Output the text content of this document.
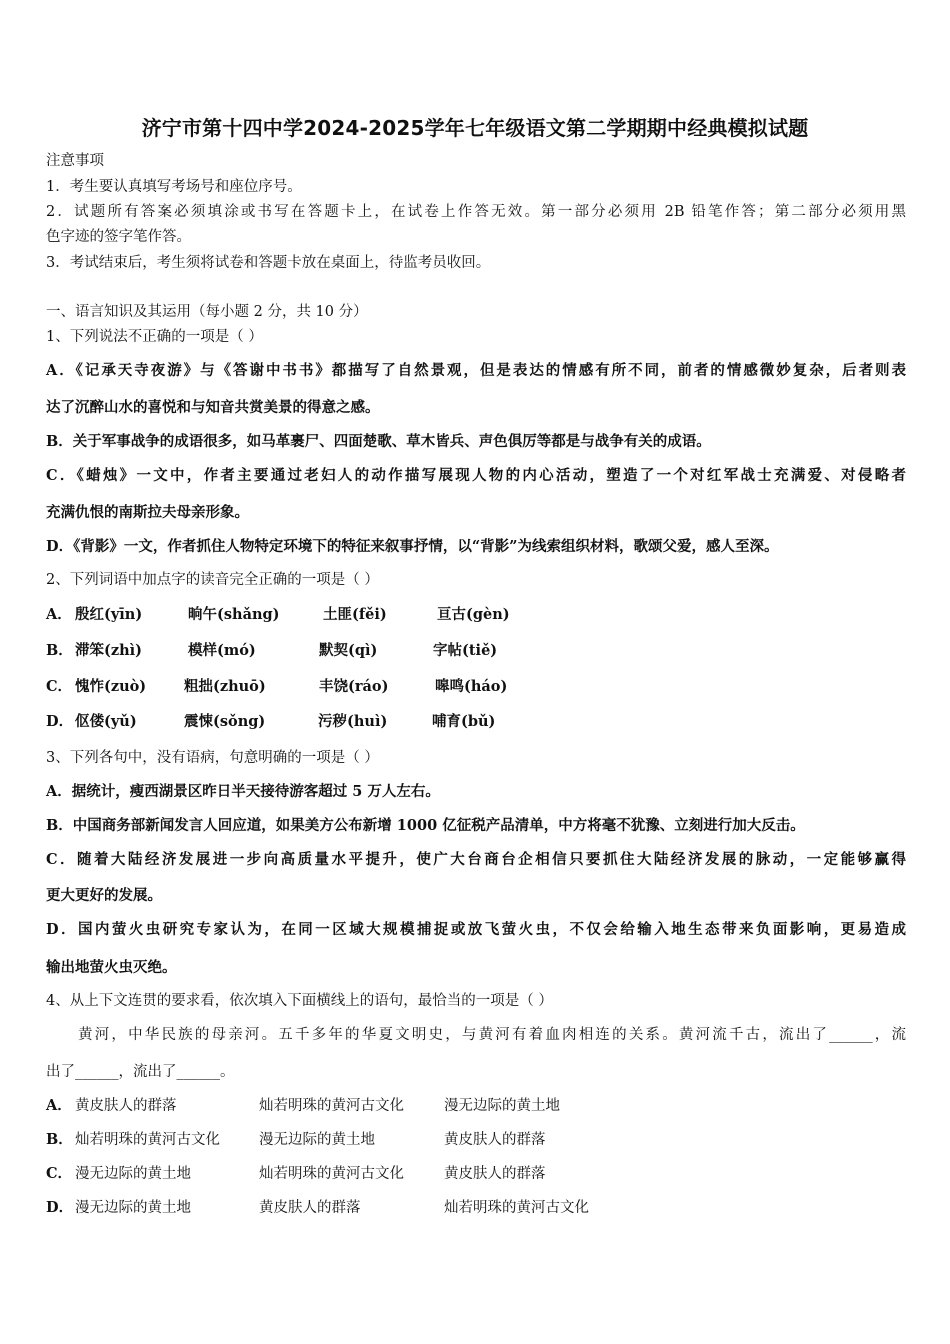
济宁市第十四中学2024-2025学年七年级语文第二学期期中经典模拟试题
注意事项
1．考生要认真填写考场号和座位序号。
2．试题所有答案必须填涂或书写在答题卡上，在试卷上作答无效。第一部分必须用 2B 铅笔作答；第二部分必须用黑
色字迹的签字笔作答。
3．考试结束后，考生须将试卷和答题卡放在桌面上，待监考员收回。
一、语言知识及其运用（每小题 2 分，共 10 分）
1、下列说法不正确的一项是（ ）
A．《记承天寺夜游》与《答谢中书书》都描写了自然景观，但是表达的情感有所不同，前者的情感微妙复杂，后者则表
达了沉醉山水的喜悦和与知音共赏美景的得意之感。
B．关于军事战争的成语很多，如马革裹尸、四面楚歌、草木皆兵、声色俱厉等都是与战争有关的成语。
C．《蜡烛》一文中，作者主要通过老妇人的动作描写展现人物的内心活动，塑造了一个对红军战士充满爱、对侵略者
充满仇恨的南斯拉夫母亲形象。
D．《背影》一文，作者抓住人物特定环境下的特征来叙事抒情，以“背影”为线索组织材料，歌颂父爱，感人至深。
2、下列词语中加点字的读音完全正确的一项是（ ）
A． 殷红(yīn)	晌午(shǎng)	土匪(fěi)	亘古(gèn)
B． 滞笨(zhì)	模样(mó)	默契(qì)	字帖(tiě)
C． 愧怍(zuò)	粗拙(zhuō)	丰饶(ráo)	嗥鸣(háo)
D． 伛偻(yǔ)	震悚(sǒng)	污秽(huì)	哺育(bǔ)
3、下列各句中，没有语病，句意明确的一项是（ ）
A．据统计，瘦西湖景区昨日半天接待游客超过 5 万人左右。
B．中国商务部新闻发言人回应道，如果美方公布新增 1000 亿征税产品清单，中方将毫不犹豫、立刻进行加大反击。
C．随着大陆经济发展进一步向高质量水平提升，使广大台商台企相信只要抓住大陆经济发展的脉动，一定能够赢得
更大更好的发展。
D．国内萤火虫研究专家认为，在同一区域大规模捕捉或放飞萤火虫，不仅会给输入地生态带来负面影响，更易造成
输出地萤火虫灭绝。
4、从上下文连贯的要求看，依次填入下面横线上的语句，最恰当的一项是（ ）
黄河，中华民族的母亲河。五千多年的华夏文明史，与黄河有着血肉相连的关系。黄河流千古，流出了______，流
出了______，流出了______。
A． 黄皮肤人的群落	灿若明珠的黄河古文化	漫无边际的黄土地
B． 灿若明珠的黄河古文化	漫无边际的黄土地	黄皮肤人的群落
C． 漫无边际的黄土地	灿若明珠的黄河古文化	黄皮肤人的群落
D． 漫无边际的黄土地	黄皮肤人的群落	灿若明珠的黄河古文化
